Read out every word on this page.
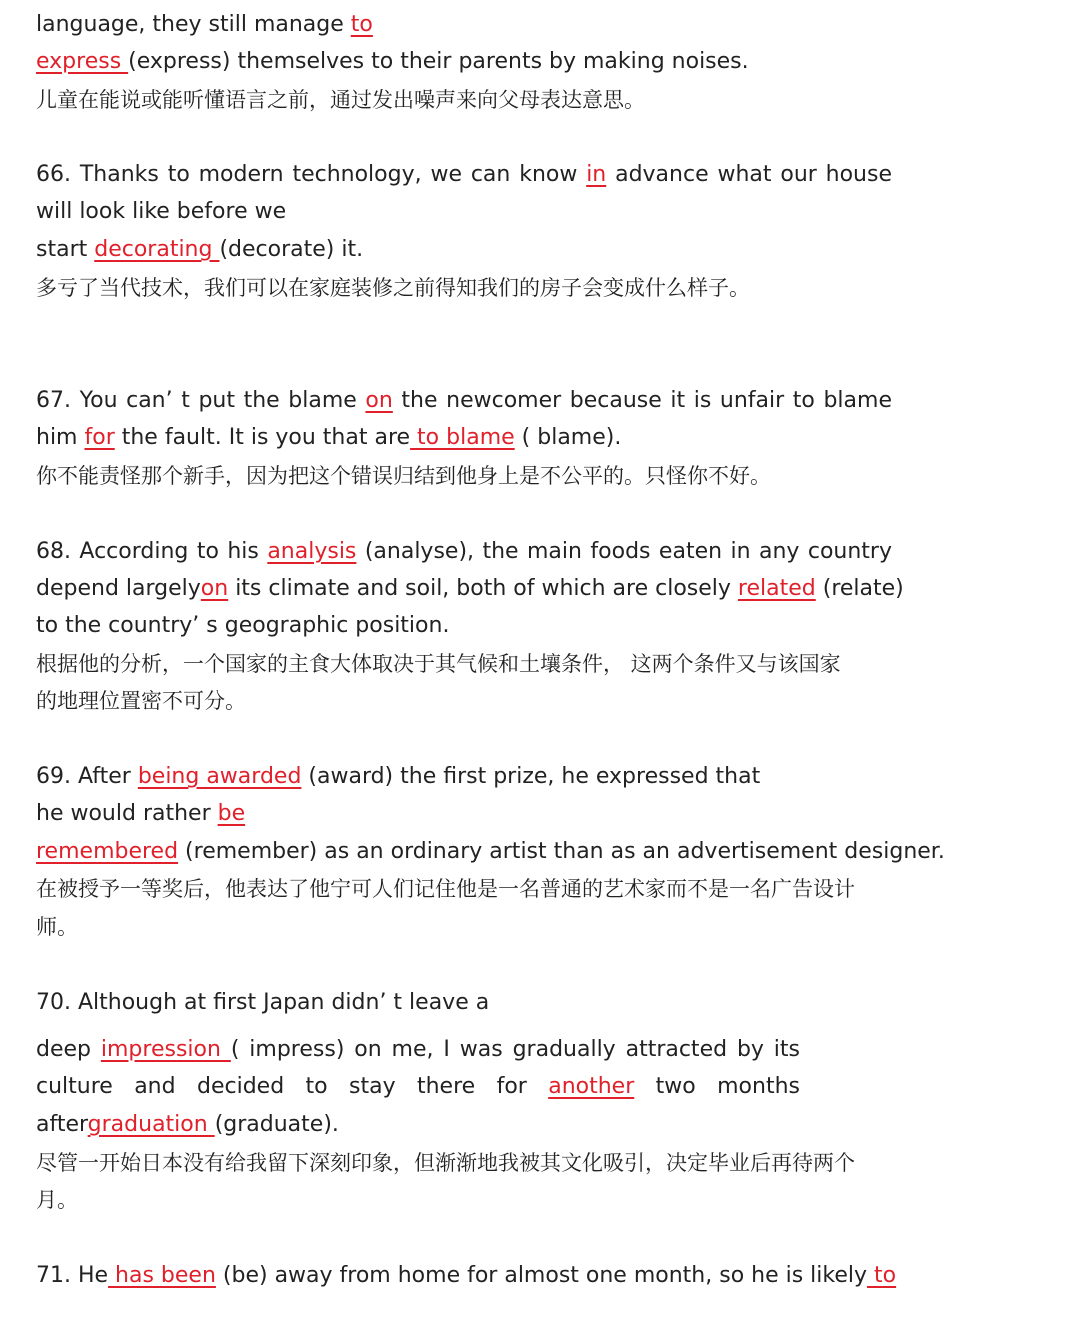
language, they still manage to
express (express) themselves to their parents by making noises.
儿童在能说或能听懂语言之前，通过发出噪声来向父母表达意思。
66. Thanks to modern technology, we can know in advance what our house
will look like before we
start decorating (decorate) it.
多亏了当代技术，我们可以在家庭装修之前得知我们的房子会变成什么样子。
67. You can’ t put the blame on the newcomer because it is unfair to blame
him for the fault. It is you that are to blame ( blame).
你不能责怪那个新手，因为把这个错误归结到他身上是不公平的。只怪你不好。
68. According to his analysis (analyse), the main foods eaten in any country
depend largelyon its climate and soil, both of which are closely related (relate)
to the country’ s geographic position.
根据他的分析，一个国家的主食大体取决于其气候和土壤条件， 这两个条件又与该国家
的地理位置密不可分。
69. After being awarded (award) the first prize, he expressed that
he would rather be
remembered (remember) as an ordinary artist than as an advertisement designer.
在被授予一等奖后，他表达了他宁可人们记住他是一名普通的艺术家而不是一名广告设计
师。
70. Although at first Japan didn’ t leave a
deep impression ( impress) on me, I was gradually attracted by its
culture and decided to stay there for another two months
aftergraduation (graduate).
尽管一开始日本没有给我留下深刻印象，但渐渐地我被其文化吸引，决定毕业后再待两个
月。
71. He has been (be) away from home for almost one month, so he is likely to
